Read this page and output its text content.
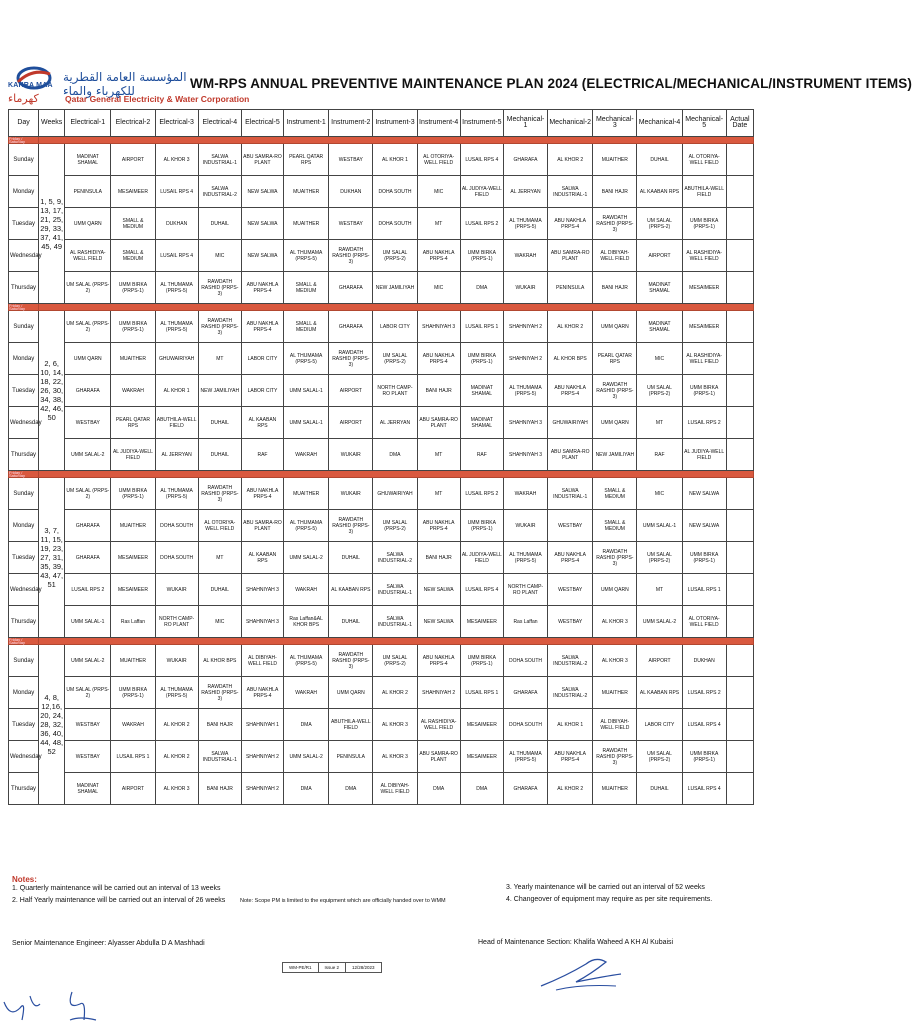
المؤسسة العامة القطرية للكهرباء والماء
KAHRA MAA
كهرماء	Qatar General Electricity & Water Corporation
WM-RPS ANNUAL PREVENTIVE MAINTENANCE PLAN 2024 (ELECTRICAL/MECHANICAL/INSTRUMENT ITEMS)
Day	Weeks	Electrical-1	Electrical-2	Electrical-3	Electrical-4	Electrical-5	Instrument-1	Instrument-2	Instrument-3	Instrument-4	Instrument-5	Mechanical-1	Mechanical-2	Mechanical-3	Mechanical-4	Mechanical-5	Actual Date
Friday / Saturday																	
Sunday	1, 5, 9, 13, 17, 21, 25, 29, 33, 37, 41, 45, 49	MADINAT SHAMAL	AIRPORT	AL KHOR 3	SALWA INDUSTRIAL-1	ABU SAMRA-RO PLANT	PEARL QATAR RPS	WESTBAY	AL KHOR 1	AL OTORIYA-WELL FIELD	LUSAIL RPS 4	GHARAFA	AL KHOR 2	MUAITHER	DUHAIL	AL OTORIYA-WELL FIELD	
Monday		PENINSULA	MESAIMEER	LUSAIL RPS 4	SALWA INDUSTRIAL-2	NEW SALWA	MUAITHER	DUKHAN	DOHA SOUTH	MIC	AL JUDIYA-WELL FIELD	AL JERRYAN	SALWA INDUSTRIAL-1	BANI HAJR	AL KAABAN RPS	ABUTHILA-WELL FIELD	
Tuesday		UMM QARN	SMALL & MEDIUM	DUKHAN	DUHAIL	NEW SALWA	MUAITHER	WESTBAY	DOHA SOUTH	MT	LUSAIL RPS 2	AL THUMAMA (PRPS-5)	ABU NAKHLA PRPS-4	RAWDATH RASHID (PRPS-3)	UM SALAL (PRPS-2)	UMM BIRKA (PRPS-1)	
Wednesday		AL RASHIDIYA-WELL FIELD	SMALL & MEDIUM	LUSAIL RPS 4	MIC	NEW SALWA	AL THUMAMA (PRPS-5)	RAWDATH RASHID (PRPS-3)	UM SALAL (PRPS-2)	ABU NAKHLA PRPS-4	UMM BIRKA (PRPS-1)	WAKRAH	ABU SAMRA-RO PLANT	AL DIBIYAH-WELL FIELD	AIRPORT	AL RASHIDIYA-WELL FIELD	
Thursday		UM SALAL (PRPS-2)	UMM BIRKA (PRPS-1)	AL THUMAMA (PRPS-5)	RAWDATH RASHID (PRPS-3)	ABU NAKHLA PRPS-4	SMALL & MEDIUM	GHARAFA	NEW JAMILIYAH	MIC	DMA	WUKAIR	PENINSULA	BANI HAJR	MADINAT SHAMAL	MESAIMEER	
Friday / Saturday																	
Sunday	2, 6, 10, 14, 18, 22, 26, 30, 34, 38, 42, 46, 50	UM SALAL (PRPS-2)	UMM BIRKA (PRPS-1)	AL THUMAMA (PRPS-5)	RAWDATH RASHID (PRPS-3)	ABU NAKHLA PRPS-4	SMALL & MEDIUM	GHARAFA	LABOR CITY	SHAHNIYAH 3	LUSAIL RPS 1	SHAHNIYAH 2	AL KHOR 2	UMM QARN	MADINAT SHAMAL	MESAIMEER	
Monday		UMM QARN	MUAITHER	GHUWAIRIYAH	MT	LABOR CITY	AL THUMAMA (PRPS-5)	RAWDATH RASHID (PRPS-3)	UM SALAL (PRPS-2)	ABU NAKHLA PRPS-4	UMM BIRKA (PRPS-1)	SHAHNIYAH 2	AL KHOR BPS	PEARL QATAR RPS	MIC	AL RASHIDIYA-WELL FIELD	
Tuesday		GHARAFA	WAKRAH	AL KHOR 1	NEW JAMILIYAH	LABOR CITY	UMM SALAL-1	AIRPORT	NORTH CAMP-RO PLANT	BANI HAJR	MADINAT SHAMAL	AL THUMAMA (PRPS-5)	ABU NAKHLA PRPS-4	RAWDATH RASHID (PRPS-3)	UM SALAL (PRPS-2)	UMM BIRKA (PRPS-1)	
Wednesday		WESTBAY	PEARL QATAR RPS	ABUTHILA-WELL FIELD	DUHAIL	AL KAABAN RPS	UMM SALAL-1	AIRPORT	AL JERRYAN	ABU SAMRA-RO PLANT	MADINAT SHAMAL	SHAHNIYAH 3	GHUWAIRIYAH	UMM QARN	MT	LUSAIL RPS 2	
Thursday		UMM SALAL-2	AL JUDIYA-WELL FIELD	AL JERRYAN	DUHAIL	RAF	WAKRAH	WUKAIR	DMA	MT	RAF	SHAHNIYAH 3	ABU SAMRA-RO PLANT	NEW JAMILIYAH	RAF	AL JUDIYA-WELL FIELD	
Friday / Saturday																	
Sunday	3, 7, 11, 15, 19, 23, 27, 31, 35, 39, 43, 47, 51	UM SALAL (PRPS-2)	UMM BIRKA (PRPS-1)	AL THUMAMA (PRPS-5)	RAWDATH RASHID (PRPS-3)	ABU NAKHLA PRPS-4	MUAITHER	WUKAIR	GHUWAIRIYAH	MT	LUSAIL RPS 2	WAKRAH	SALWA INDUSTRIAL-1	SMALL & MEDIUM	MIC	NEW SALWA	
Monday		GHARAFA	MUAITHER	DOHA SOUTH	AL OTORIYA-WELL FIELD	ABU SAMRA-RO PLANT	AL THUMAMA (PRPS-5)	RAWDATH RASHID (PRPS-3)	UM SALAL (PRPS-2)	ABU NAKHLA PRPS-4	UMM BIRKA (PRPS-1)	WUKAIR	WESTBAY	SMALL & MEDIUM	UMM SALAL-1	NEW SALWA	
Tuesday		GHARAFA	MESAIMEER	DOHA SOUTH	MT	AL KAABAN RPS	UMM SALAL-2	DUHAIL	SALWA INDUSTRIAL-2	BANI HAJR	AL JUDIYA-WELL FIELD	AL THUMAMA (PRPS-5)	ABU NAKHLA PRPS-4	RAWDATH RASHID (PRPS-3)	UM SALAL (PRPS-2)	UMM BIRKA (PRPS-1)	
Wednesday		LUSAIL RPS 2	MESAIMEER	WUKAIR	DUHAIL	SHAHNIYAH 3	WAKRAH	AL KAABAN RPS	SALWA INDUSTRIAL-1	NEW SALWA	LUSAIL RPS 4	NORTH CAMP-RO PLANT	WESTBAY	UMM QARN	MT	LUSAIL RPS 1	
Thursday		UMM SALAL-1	Ras Laffan	NORTH CAMP-RO PLANT	MIC	SHAHNIYAH 3	Ras Laffan&AL KHOR BPS	DUHAIL	SALWA INDUSTRIAL-1	NEW SALWA	MESAIMEER	Ras Laffan	WESTBAY	AL KHOR 3	UMM SALAL-2	AL OTORIYA-WELL FIELD	
Friday / Saturday																	
Sunday	4, 8, 12,16, 20, 24, 28, 32, 36, 40, 44, 48, 52	UMM SALAL-2	MUAITHER	WUKAIR	AL KHOR BPS	AL DIBIYAH-WELL FIELD	AL THUMAMA (PRPS-5)	RAWDATH RASHID (PRPS-3)	UM SALAL (PRPS-2)	ABU NAKHLA PRPS-4	UMM BIRKA (PRPS-1)	DOHA SOUTH	SALWA INDUSTRIAL-2	AL KHOR 3	AIRPORT	DUKHAN	
Monday		UM SALAL (PRPS-2)	UMM BIRKA (PRPS-1)	AL THUMAMA (PRPS-5)	RAWDATH RASHID (PRPS-3)	ABU NAKHLA PRPS-4	WAKRAH	UMM QARN	AL KHOR 2	SHAHNIYAH 2	LUSAIL RPS 1	GHARAFA	SALWA INDUSTRIAL-2	MUAITHER	AL KAABAN RPS	LUSAIL RPS 2	
Tuesday		WESTBAY	WAKRAH	AL KHOR 2	BANI HAJR	SHAHNIYAH 1	DMA	ABUTHILA-WELL FIELD	AL KHOR 3	AL RASHIDIYA-WELL FIELD	MESAIMEER	DOHA SOUTH	AL KHOR 1	AL DIBIYAH-WELL FIELD	LABOR CITY	LUSAIL RPS 4	
Wednesday		WESTBAY	LUSAIL RPS 1	AL KHOR 2	SALWA INDUSTRIAL-1	SHAHNIYAH 2	UMM SALAL-2	PENINSULA	AL KHOR 3	ABU SAMRA-RO PLANT	MESAIMEER	AL THUMAMA (PRPS-5)	ABU NAKHLA PRPS-4	RAWDATH RASHID (PRPS-3)	UM SALAL (PRPS-2)	UMM BIRKA (PRPS-1)	
Thursday		MADINAT SHAMAL	AIRPORT	AL KHOR 3	BANI HAJR	SHAHNIYAH 2	DMA	DMA	AL DIBIYAH-WELL FIELD	DMA	DMA	GHARAFA	AL KHOR 2	MUAITHER	DUHAIL	LUSAIL RPS 4	
Notes:
1. Quarterly maintenance will be carried out an interval of 13 weeks
2. Half Yearly maintenance will be carried out an interval of 26 weeks	Note: Scope PM is limited to the equipment which are officially handed over to WMM
3. Yearly maintenance will be carried out an interval of 52 weeks
4. Changeover of equipment may require as per site requirements.
Senior Maintenance Engineer: Alyasser Abdulla D A Mashhadi	Head of Maintenance Section: Khalifa Waheed A KH Al Kubaisi
WM-PE/R1	Issue 2	12/28/2023
